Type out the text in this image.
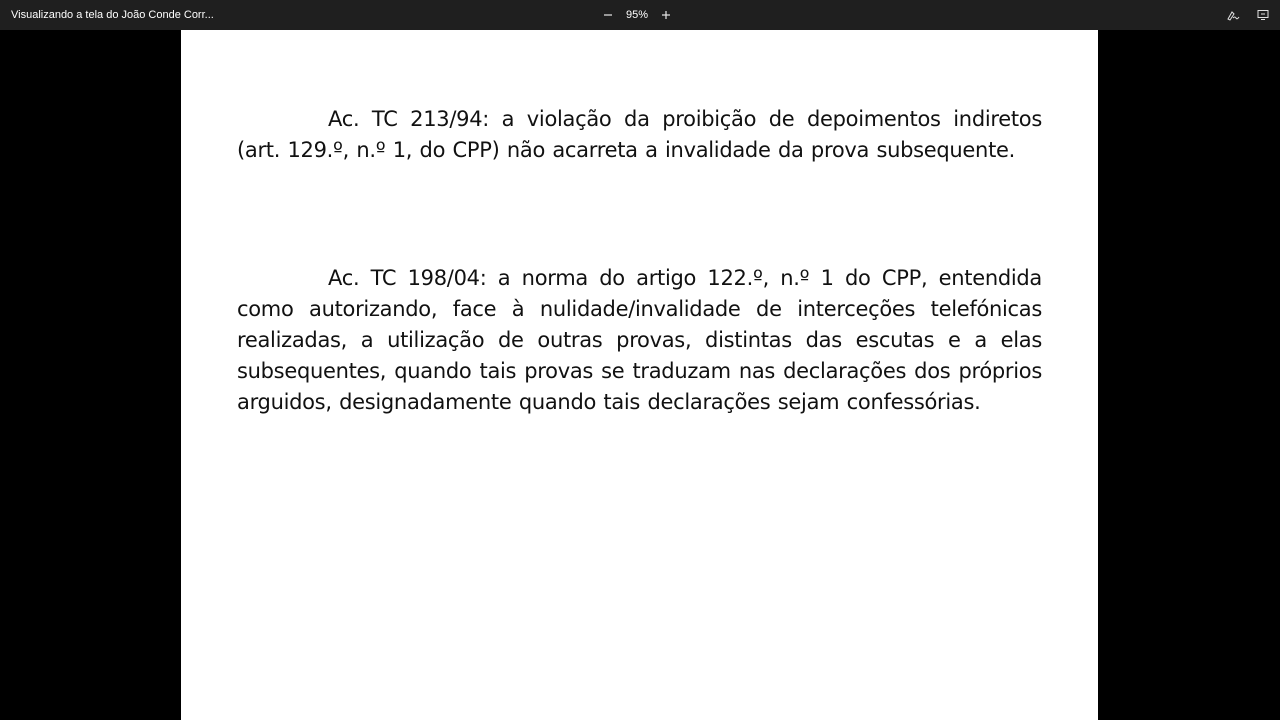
Visualizando a tela do João Conde Corr...	95%

Ac. TC 213/94: a violação da proibição de depoimentos indiretos (art. 129.º, n.º 1, do CPP) não acarreta a invalidade da prova subsequente.

Ac. TC 198/04: a norma do artigo 122.º, n.º 1 do CPP, entendida como autorizando, face à nulidade/invalidade de interceções telefónicas realizadas, a utilização de outras provas, distintas das escutas e a elas subsequentes, quando tais provas se traduzam nas declarações dos próprios arguidos, designadamente quando tais declarações sejam confessórias.
